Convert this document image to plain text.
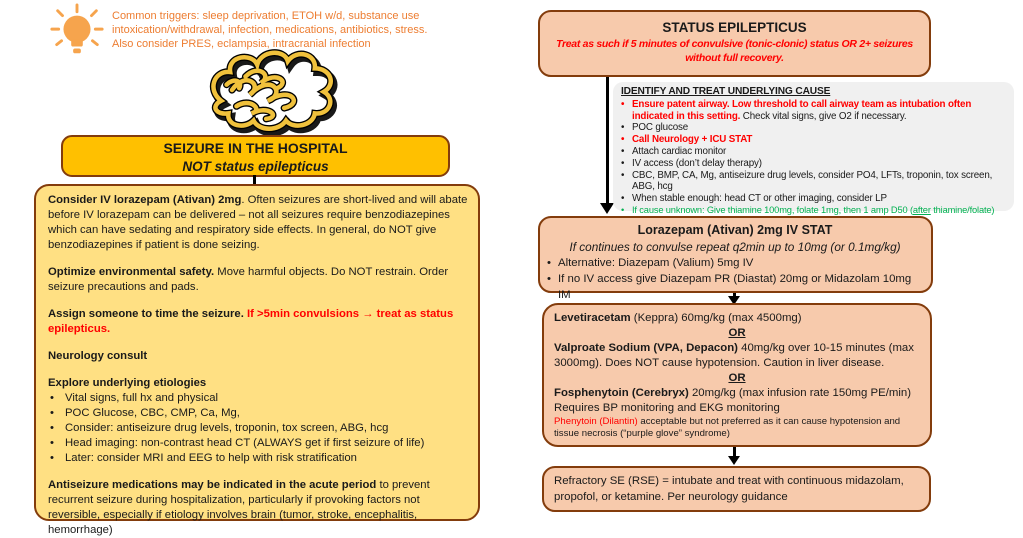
Common triggers: sleep deprivation, ETOH w/d, substance use intoxication/withdrawal, infection, medications, antibiotics, stress. Also consider PRES, eclampsia, intracranial infection
SEIZURE IN THE HOSPITAL
NOT status epilepticus
Consider IV lorazepam (Ativan) 2mg. Often seizures are short-lived and will abate before IV lorazepam can be delivered – not all seizures require benzodiazepines which can have sedating and respiratory side effects. In general, do NOT give benzodiazepines if patient is done seizing.
Optimize environmental safety. Move harmful objects. Do NOT restrain. Order seizure precautions and pads.
Assign someone to time the seizure. If >5min convulsions → treat as status epilepticus.
Neurology consult
Explore underlying etiologies
•
Vital signs, full hx and physical
•
POC Glucose, CBC, CMP, Ca, Mg,
•
Consider: antiseizure drug levels, troponin, tox screen, ABG, hcg
•
Head imaging: non-contrast head CT (ALWAYS get if first seizure of life)
•
Later: consider MRI and EEG to help with risk stratification
Antiseizure medications may be indicated in the acute period to prevent recurrent seizure during hospitalization, particularly if provoking factors not reversible, especially if etiology involves brain (tumor, stroke, encephalitis, hemorrhage)
STATUS EPILEPTICUS
Treat as such if 5 minutes of convulsive (tonic-clonic) status OR 2+ seizures without full recovery.
IDENTIFY AND TREAT UNDERLYING CAUSE
•
Ensure patent airway. Low threshold to call airway team as intubation often indicated in this setting. Check vital signs, give O2 if necessary.
•
POC glucose
•
Call Neurology + ICU STAT
•
Attach cardiac monitor
•
IV access (don’t delay therapy)
•
CBC, BMP, CA, Mg, antiseizure drug levels, consider PO4, LFTs, troponin, tox screen, ABG, hcg
•
When stable enough: head CT or other imaging, consider LP
•
If cause unknown: Give thiamine 100mg, folate 1mg, then 1 amp D50 (after thiamine/folate)
Lorazepam (Ativan) 2mg IV STAT
If continues to convulse repeat q2min up to 10mg (or 0.1mg/kg)
•
Alternative: Diazepam (Valium) 5mg IV
•
If no IV access give Diazepam PR (Diastat) 20mg or Midazolam 10mg IM
Levetiracetam (Keppra) 60mg/kg (max 4500mg)
OR
Valproate Sodium (VPA, Depacon) 40mg/kg over 10-15 minutes (max 3000mg). Does NOT cause hypotension. Caution in liver disease.
OR
Fosphenytoin (Cerebryx) 20mg/kg (max infusion rate 150mg PE/min)
Requires BP monitoring and EKG monitoring
Phenytoin (Dilantin) acceptable but not preferred as it can cause hypotension and tissue necrosis (“purple glove” syndrome)
Refractory SE (RSE) = intubate and treat with continuous midazolam, propofol, or ketamine. Per neurology guidance
